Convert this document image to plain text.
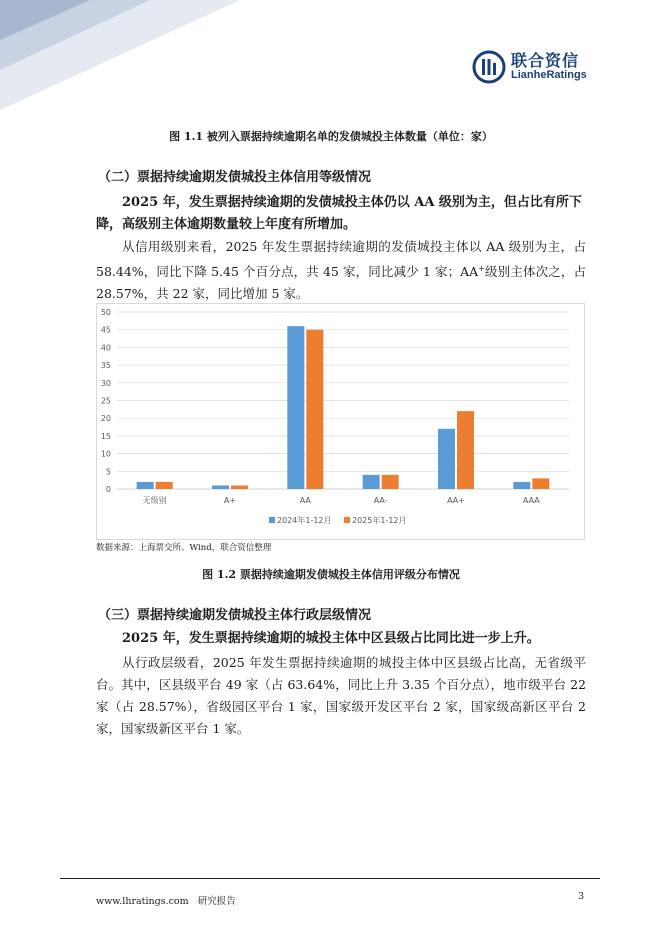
联合资信
LianheRatings
图 1.1 被列入票据持续逾期名单的发债城投主体数量（单位：家）
（二）票据持续逾期发债城投主体信用等级情况
2025 年，发生票据持续逾期的发债城投主体仍以 AA 级别为主，但占比有所下降，高级别主体逾期数量较上年度有所增加。
从信用级别来看，2025 年发生票据持续逾期的发债城投主体以 AA 级别为主，占 58.44%，同比下降 5.45 个百分点，共 45 家，同比减少 1 家；AA+级别主体次之，占 28.57%，共 22 家，同比增加 5 家。
0
5
10
15
20
25
30
35
40
45
50
无级别	A+	AA	AA-	AA+	AAA
2024年1-12月	2025年1-12月
数据来源：上海票交所、Wind，联合资信整理
图 1.2 票据持续逾期发债城投主体信用评级分布情况
（三）票据持续逾期发债城投主体行政层级情况
2025 年，发生票据持续逾期的城投主体中区县级占比同比进一步上升。
从行政层级看，2025 年发生票据持续逾期的城投主体中区县级占比高，无省级平台。其中，区县级平台 49 家（占 63.64%，同比上升 3.35 个百分点），地市级平台 22 家（占 28.57%），省级园区平台 1 家，国家级开发区平台 2 家，国家级高新区平台 2 家，国家级新区平台 1 家。
www.lhratings.com 研究报告	3
